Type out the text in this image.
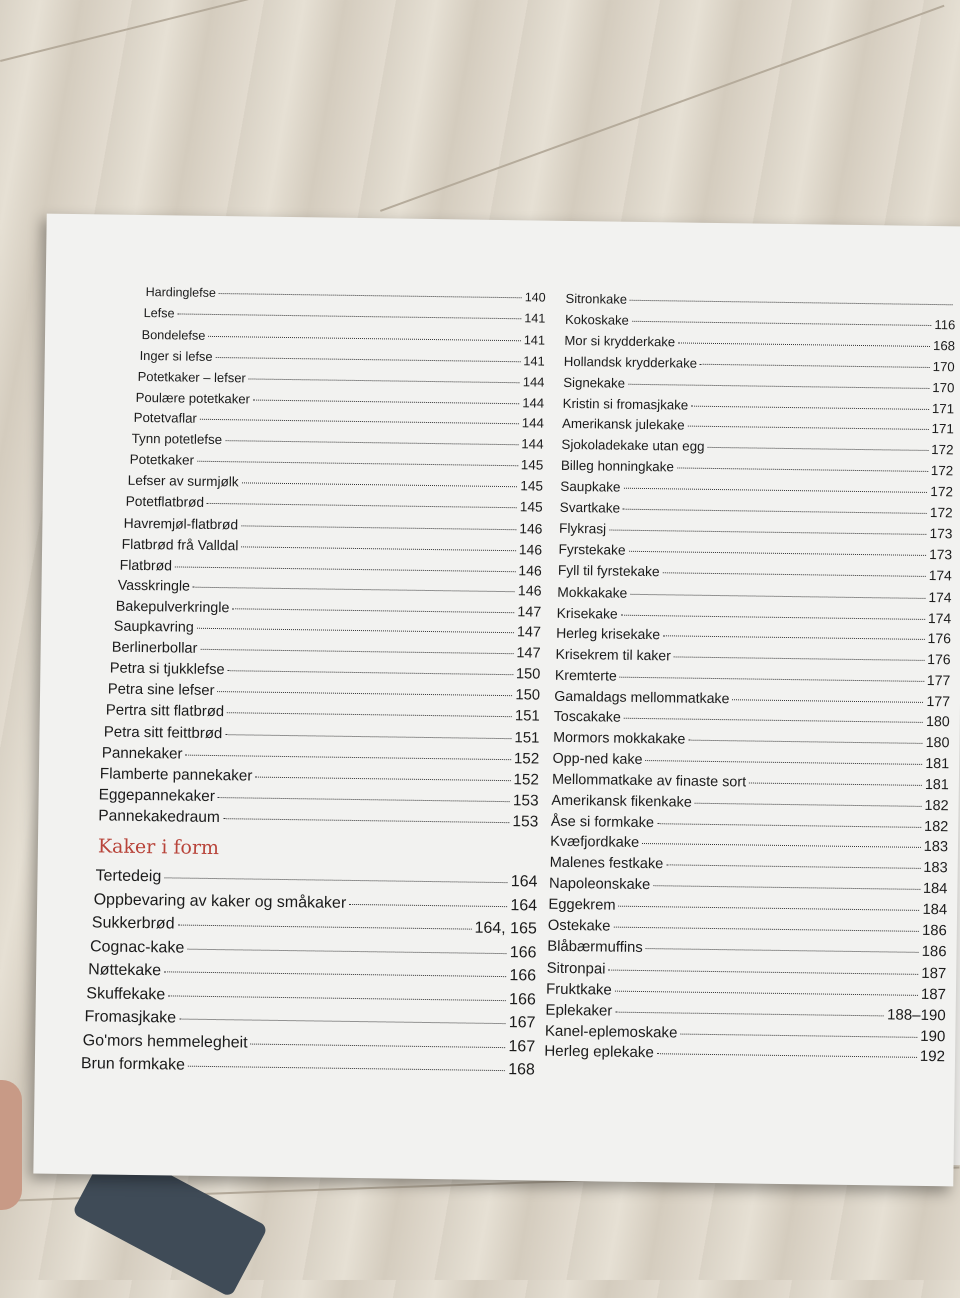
Kaker i form
Hardinglefse	140
Lefse	141
Bondelefse	141
Inger si lefse	141
Potetkaker – lefser	144
Poulære potetkaker	144
Potetvaflar	144
Tynn potetlefse	144
Potetkaker	145
Lefser av surmjølk	145
Potetflatbrød	145
Havremjøl-flatbrød	146
Flatbrød frå Valldal	146
Flatbrød	146
Vasskringle	146
Bakepulverkringle	147
Saupkavring	147
Berlinerbollar	147
Petra si tjukklefse	150
Petra sine lefser	150
Pertra sitt flatbrød	151
Petra sitt feittbrød	151
Pannekaker	152
Flamberte pannekaker	152
Eggepannekaker	153
Pannekakedraum	153
Tertedeig	164
Oppbevaring av kaker og småkaker	164
Sukkerbrød	164, 165
Cognac-kake	166
Nøttekake	166
Skuffekake	166
Fromasjkake	167
Go'mors hemmelegheit	167
Brun formkake	168
Sitronkake
Kokoskake	116
Mor si krydderkake	168
Hollandsk krydderkake	170
Signekake	170
Kristin si fromasjkake	171
Amerikansk julekake	171
Sjokoladekake utan egg	172
Billeg honningkake	172
Saupkake	172
Svartkake	172
Flykrasj	173
Fyrstekake	173
Fyll til fyrstekake	174
Mokkakake	174
Krisekake	174
Herleg krisekake	176
Krisekrem til kaker	176
Kremterte	177
Gamaldags mellommatkake	177
Toscakake	180
Mormors mokkakake	180
Opp-ned kake	181
Mellommatkake av finaste sort	181
Amerikansk fikenkake	182
Åse si formkake	182
Kvæfjordkake	183
Malenes festkake	183
Napoleonskake	184
Eggekrem	184
Ostekake	186
Blåbærmuffins	186
Sitronpai	187
Fruktkake	187
Eplekaker	188–190
Kanel-eplemoskake	190
Herleg eplekake	192
